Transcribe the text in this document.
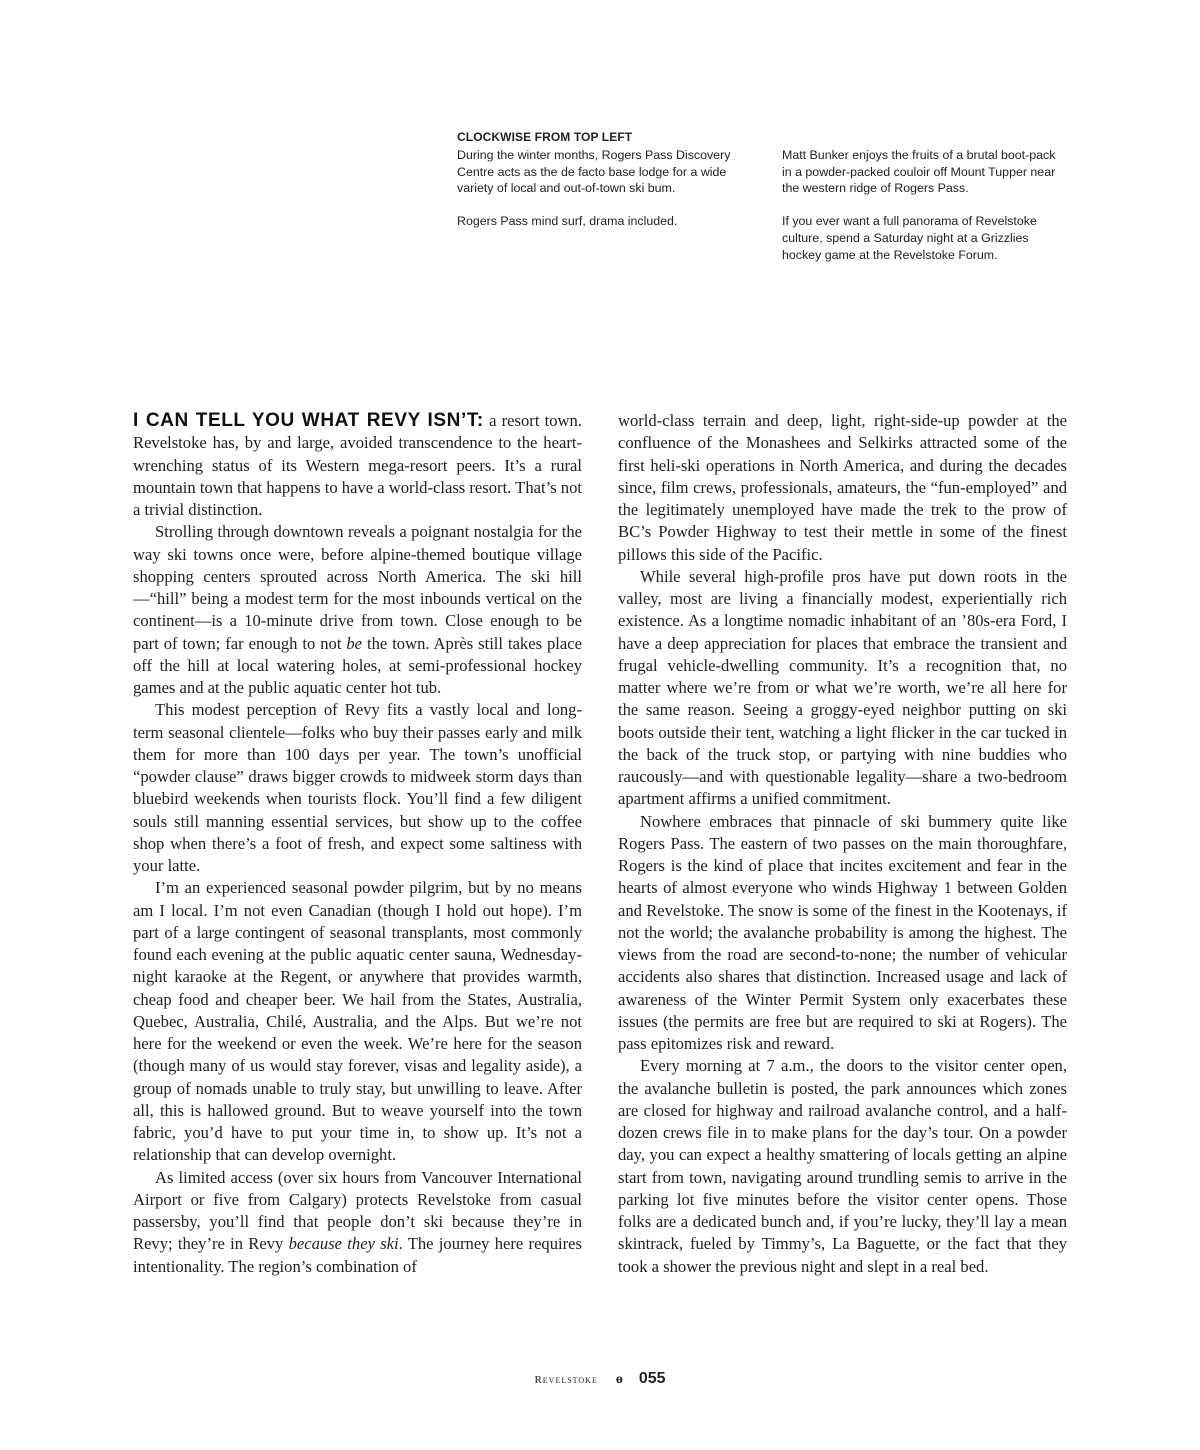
CLOCKWISE FROM TOP LEFT

During the winter months, Rogers Pass Discovery Centre acts as the de facto base lodge for a wide variety of local and out-of-town ski bum.

Rogers Pass mind surf, drama included.

Matt Bunker enjoys the fruits of a brutal boot-pack in a powder-packed couloir off Mount Tupper near the western ridge of Rogers Pass.

If you ever want a full panorama of Revelstoke culture, spend a Saturday night at a Grizzlies hockey game at the Revelstoke Forum.

I CAN TELL YOU WHAT REVY ISN’T: a resort town. Revelstoke has, by and large, avoided transcendence to the heart-wrenching status of its Western mega-resort peers. It’s a rural mountain town that happens to have a world-class resort. That’s not a trivial distinction.

Strolling through downtown reveals a poignant nostalgia for the way ski towns once were, before alpine-themed boutique village shopping centers sprouted across North America. The ski hill—“hill” being a modest term for the most inbounds vertical on the continent—is a 10-minute drive from town. Close enough to be part of town; far enough to not be the town. Après still takes place off the hill at local watering holes, at semi-professional hockey games and at the public aquatic center hot tub.

This modest perception of Revy fits a vastly local and long-term seasonal clientele—folks who buy their passes early and milk them for more than 100 days per year. The town’s unofficial “powder clause” draws bigger crowds to midweek storm days than bluebird weekends when tourists flock. You’ll find a few diligent souls still manning essential services, but show up to the coffee shop when there’s a foot of fresh, and expect some saltiness with your latte.

I’m an experienced seasonal powder pilgrim, but by no means am I local. I’m not even Canadian (though I hold out hope). I’m part of a large contingent of seasonal transplants, most commonly found each evening at the public aquatic center sauna, Wednesday-night karaoke at the Regent, or anywhere that provides warmth, cheap food and cheaper beer. We hail from the States, Australia, Quebec, Australia, Chilé, Australia, and the Alps. But we’re not here for the weekend or even the week. We’re here for the season (though many of us would stay forever, visas and legality aside), a group of nomads unable to truly stay, but unwilling to leave. After all, this is hallowed ground. But to weave yourself into the town fabric, you’d have to put your time in, to show up. It’s not a relationship that can develop overnight.

As limited access (over six hours from Vancouver International Airport or five from Calgary) protects Revelstoke from casual passersby, you’ll find that people don’t ski because they’re in Revy; they’re in Revy because they ski. The journey here requires intentionality. The region’s combination of

world-class terrain and deep, light, right-side-up powder at the confluence of the Monashees and Selkirks attracted some of the first heli-ski operations in North America, and during the decades since, film crews, professionals, amateurs, the “fun-employed” and the legitimately unemployed have made the trek to the prow of BC’s Powder Highway to test their mettle in some of the finest pillows this side of the Pacific.

While several high-profile pros have put down roots in the valley, most are living a financially modest, experientially rich existence. As a longtime nomadic inhabitant of an ’80s-era Ford, I have a deep appreciation for places that embrace the transient and frugal vehicle-dwelling community. It’s a recognition that, no matter where we’re from or what we’re worth, we’re all here for the same reason. Seeing a groggy-eyed neighbor putting on ski boots outside their tent, watching a light flicker in the car tucked in the back of the truck stop, or partying with nine buddies who raucously—and with questionable legality—share a two-bedroom apartment affirms a unified commitment.

Nowhere embraces that pinnacle of ski bummery quite like Rogers Pass. The eastern of two passes on the main thoroughfare, Rogers is the kind of place that incites excitement and fear in the hearts of almost everyone who winds Highway 1 between Golden and Revelstoke. The snow is some of the finest in the Kootenays, if not the world; the avalanche probability is among the highest. The views from the road are second-to-none; the number of vehicular accidents also shares that distinction. Increased usage and lack of awareness of the Winter Permit System only exacerbates these issues (the permits are free but are required to ski at Rogers). The pass epitomizes risk and reward.

Every morning at 7 a.m., the doors to the visitor center open, the avalanche bulletin is posted, the park announces which zones are closed for highway and railroad avalanche control, and a half-dozen crews file in to make plans for the day’s tour. On a powder day, you can expect a healthy smattering of locals getting an alpine start from town, navigating around trundling semis to arrive in the parking lot five minutes before the visitor center opens. Those folks are a dedicated bunch and, if you’re lucky, they’ll lay a mean skintrack, fueled by Timmy’s, La Baguette, or the fact that they took a shower the previous night and slept in a real bed.

Revelstoke ɵ 055
